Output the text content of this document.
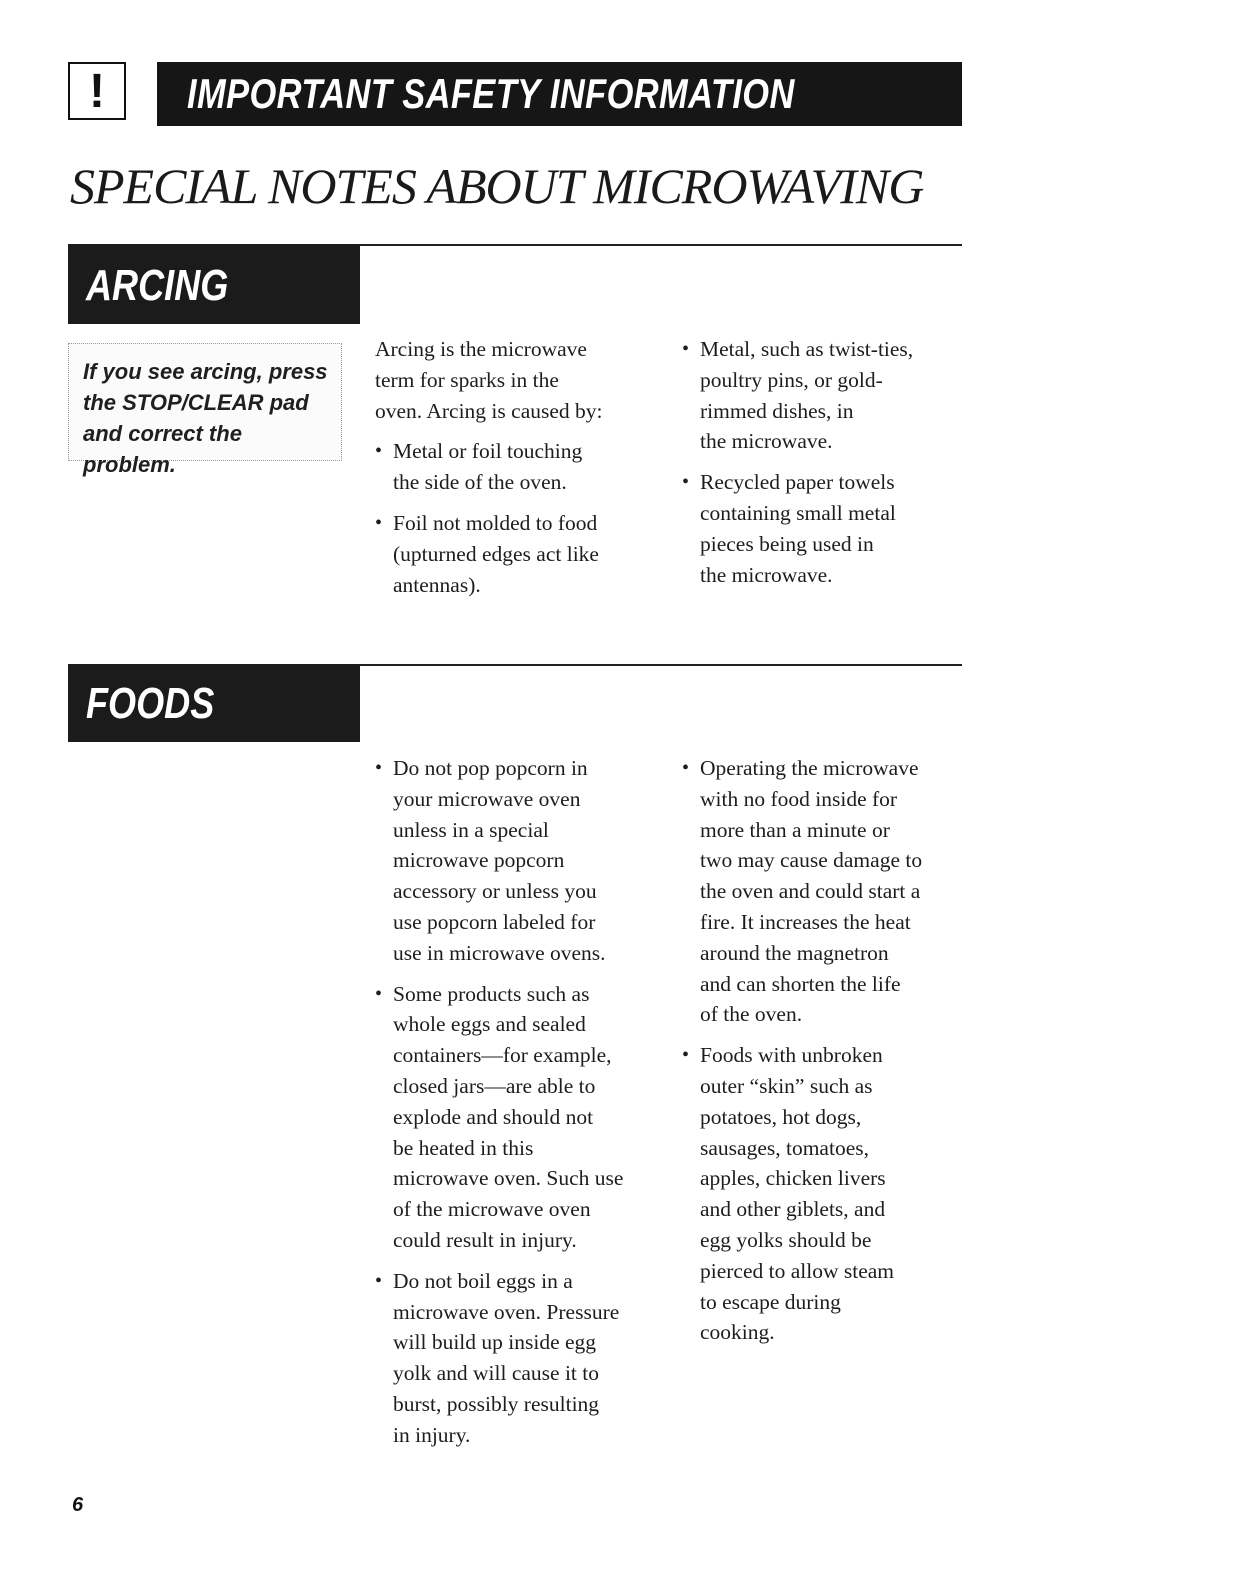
!	IMPORTANT SAFETY INFORMATION
SPECIAL NOTES ABOUT MICROWAVING
ARCING

If you see arcing, press
the STOP/CLEAR pad
and correct the problem.

Arcing is the microwave
term for sparks in the
oven. Arcing is caused by:

• Metal or foil touching
the side of the oven.
• Foil not molded to food
(upturned edges act like
antennas).
• Metal, such as twist-ties,
poultry pins, or gold-
rimmed dishes, in
the microwave.
• Recycled paper towels
containing small metal
pieces being used in
the microwave.
FOODS
• Do not pop popcorn in
your microwave oven
unless in a special
microwave popcorn
accessory or unless you
use popcorn labeled for
use in microwave ovens.
• Some products such as
whole eggs and sealed
containers—for example,
closed jars—are able to
explode and should not
be heated in this
microwave oven. Such use
of the microwave oven
could result in injury.
• Do not boil eggs in a
microwave oven. Pressure
will build up inside egg
yolk and will cause it to
burst, possibly resulting
in injury.
• Operating the microwave
with no food inside for
more than a minute or
two may cause damage to
the oven and could start a
fire. It increases the heat
around the magnetron
and can shorten the life
of the oven.
• Foods with unbroken
outer “skin” such as
potatoes, hot dogs,
sausages, tomatoes,
apples, chicken livers
and other giblets, and
egg yolks should be
pierced to allow steam
to escape during
cooking.
6
